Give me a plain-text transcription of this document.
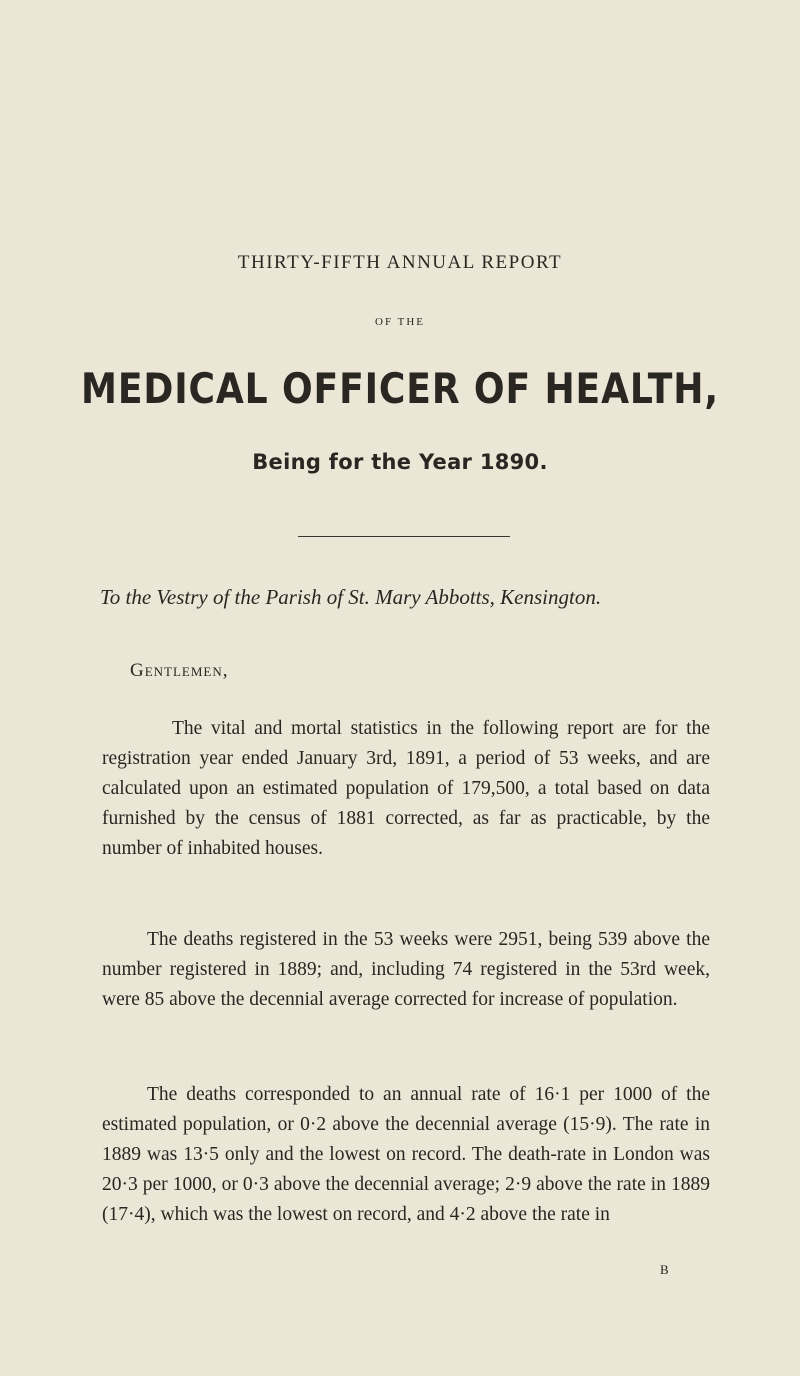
THIRTY-FIFTH ANNUAL REPORT
OF THE
MEDICAL OFFICER OF HEALTH,
Being for the Year 1890.
To the Vestry of the Parish of St. Mary Abbotts, Kensington.
Gentlemen,

The vital and mortal statistics in the following report are for the registration year ended January 3rd, 1891, a period of 53 weeks, and are calculated upon an estimated population of 179,500, a total based on data furnished by the census of 1881 corrected, as far as practicable, by the number of inhabited houses.

The deaths registered in the 53 weeks were 2951, being 539 above the number registered in 1889; and, including 74 registered in the 53rd week, were 85 above the decennial average corrected for increase of population.

The deaths corresponded to an annual rate of 16·1 per 1000 of the estimated population, or 0·2 above the decennial average (15·9). The rate in 1889 was 13·5 only and the lowest on record. The death-rate in London was 20·3 per 1000, or 0·3 above the decennial average; 2·9 above the rate in 1889 (17·4), which was the lowest on record, and 4·2 above the rate in

B
